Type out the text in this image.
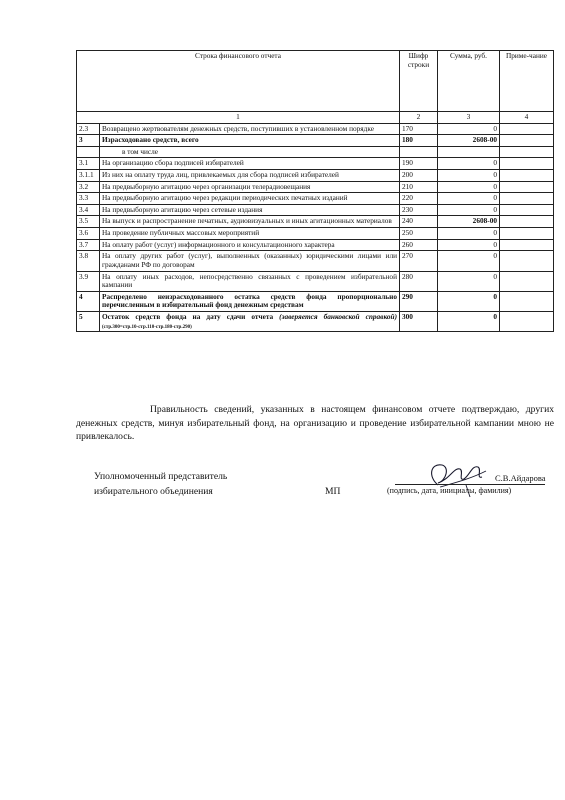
Строка финансового отчета		Шифр строки	Сумма, руб.	Приме-чание
1		2	3	4
2.3	Возвращено жертвователям денежных средств, поступивших в установленном порядке	170	0	
3	Израсходовано средств, всего	180	2608-00	
	в том числе			
3.1	На организацию сбора подписей избирателей	190	0	
3.1.1	Из них на оплату труда лиц, привлекаемых для сбора подписей избирателей	200	0	
3.2	На предвыборную агитацию через организации телерадиовещания	210	0	
3.3	На предвыборную агитацию через редакции периодических печатных изданий	220	0	
3.4	На предвыборную агитацию через сетевые издания	230	0	
3.5	На выпуск и распространение печатных, аудиовизуальных и иных агитационных материалов	240	2608-00	
3.6	На проведение публичных массовых мероприятий	250	0	
3.7	На оплату работ (услуг) информационного и консультационного характера	260	0	
3.8	На оплату других работ (услуг), выполненных (оказанных) юридическими лицами или гражданами РФ по договорам	270	0	
3.9	На оплату иных расходов, непосредственно связанных с проведением избирательной кампании	280	0	
4	Распределено неизрасходованного остатка средств фонда пропорционально перечисленным в избирательный фонд денежным средствам	290	0	
5	Остаток средств фонда на дату сдачи отчета (заверяется банковской справкой) (стр.300=стр.10-стр.110-стр.180-стр.290)	300	0	
Правильность сведений, указанных в настоящем финансовом отчете подтверждаю, других денежных средств, минуя избирательный фонд, на организацию и проведение избирательной кампании мною не привлекалось.
Уполномоченный представитель
избирательного объединения	МП
С.В.Айдарова
(подпись, дата, инициалы, фамилия)
